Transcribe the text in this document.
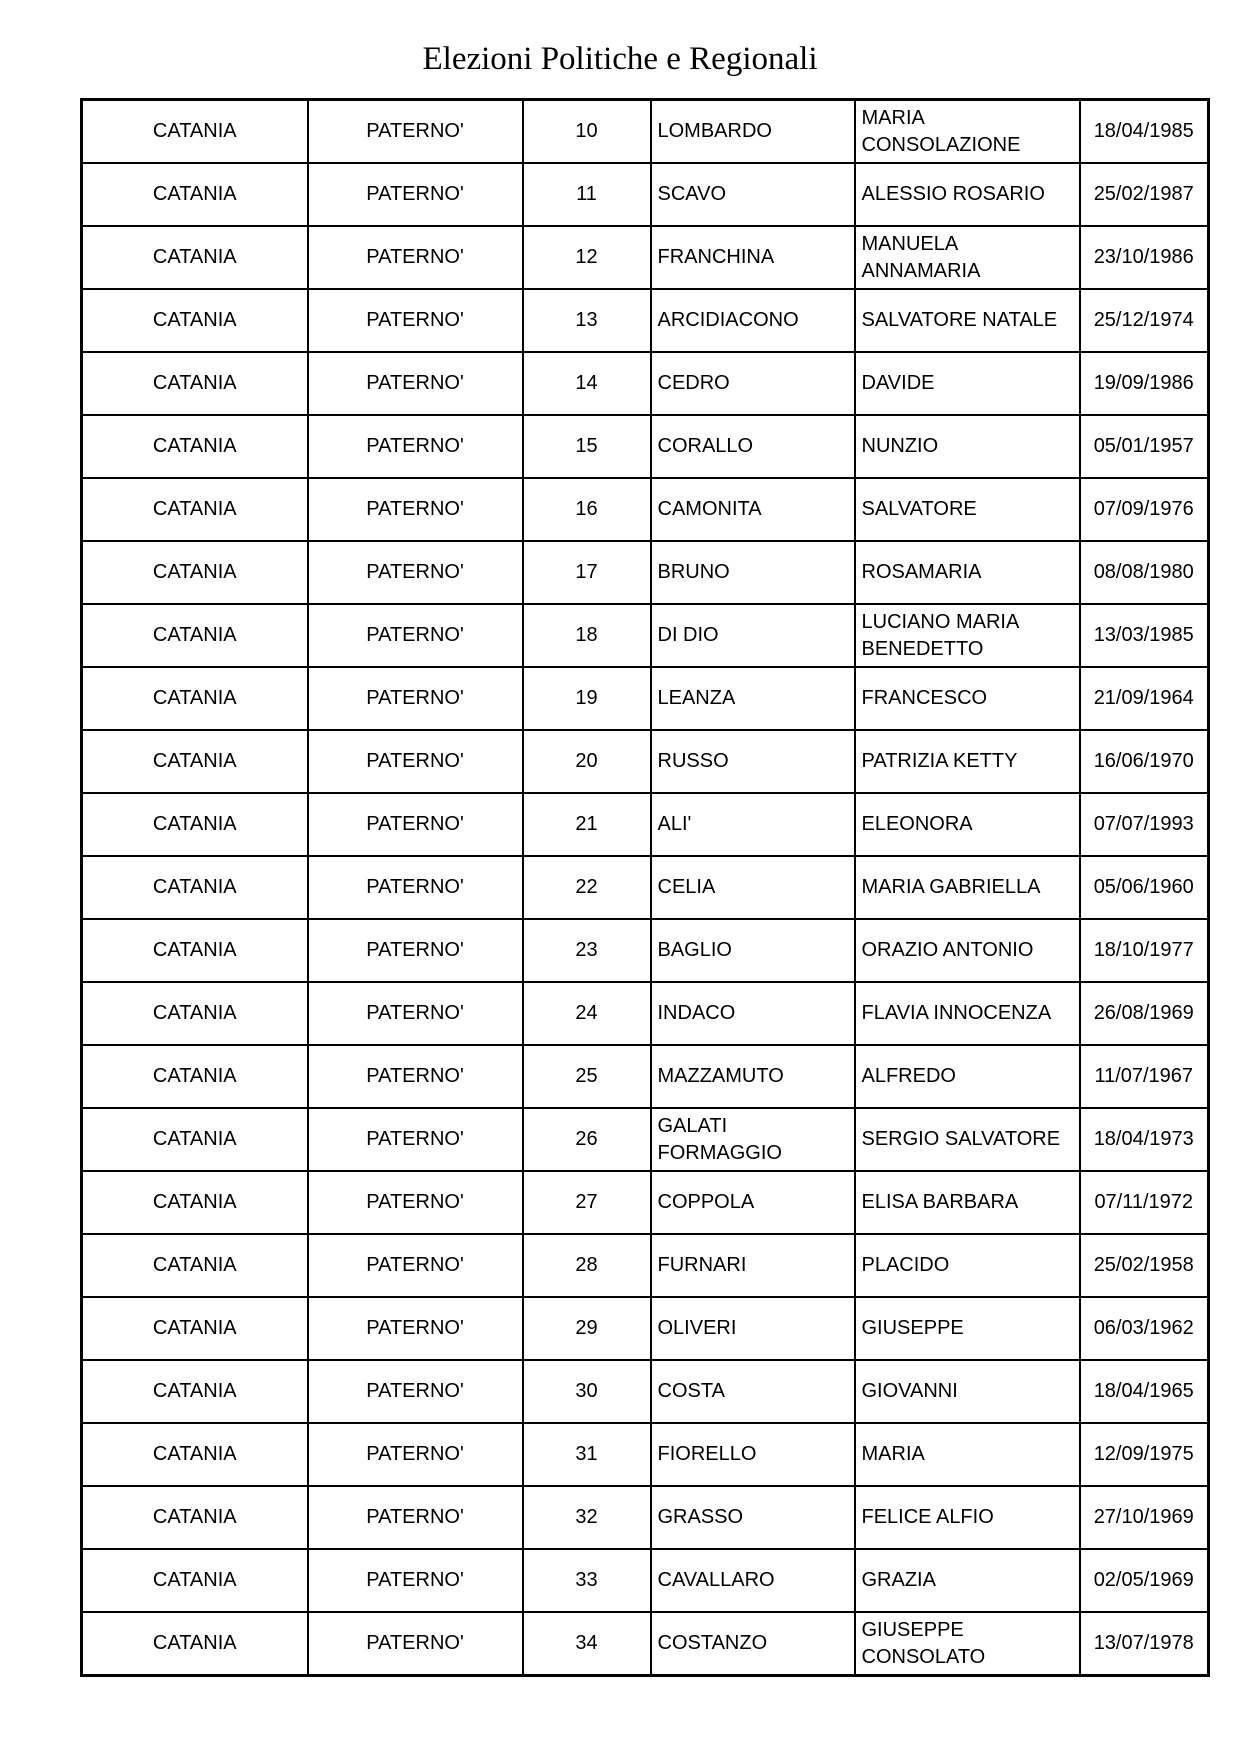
Elezioni Politiche e Regionali
CATANIA	PATERNO'	10	LOMBARDO	MARIA CONSOLAZIONE	18/04/1985
CATANIA	PATERNO'	11	SCAVO	ALESSIO ROSARIO	25/02/1987
CATANIA	PATERNO'	12	FRANCHINA	MANUELA ANNAMARIA	23/10/1986
CATANIA	PATERNO'	13	ARCIDIACONO	SALVATORE NATALE	25/12/1974
CATANIA	PATERNO'	14	CEDRO	DAVIDE	19/09/1986
CATANIA	PATERNO'	15	CORALLO	NUNZIO	05/01/1957
CATANIA	PATERNO'	16	CAMONITA	SALVATORE	07/09/1976
CATANIA	PATERNO'	17	BRUNO	ROSAMARIA	08/08/1980
CATANIA	PATERNO'	18	DI DIO	LUCIANO MARIA BENEDETTO	13/03/1985
CATANIA	PATERNO'	19	LEANZA	FRANCESCO	21/09/1964
CATANIA	PATERNO'	20	RUSSO	PATRIZIA KETTY	16/06/1970
CATANIA	PATERNO'	21	ALI'	ELEONORA	07/07/1993
CATANIA	PATERNO'	22	CELIA	MARIA GABRIELLA	05/06/1960
CATANIA	PATERNO'	23	BAGLIO	ORAZIO ANTONIO	18/10/1977
CATANIA	PATERNO'	24	INDACO	FLAVIA INNOCENZA	26/08/1969
CATANIA	PATERNO'	25	MAZZAMUTO	ALFREDO	11/07/1967
CATANIA	PATERNO'	26	GALATI FORMAGGIO	SERGIO SALVATORE	18/04/1973
CATANIA	PATERNO'	27	COPPOLA	ELISA BARBARA	07/11/1972
CATANIA	PATERNO'	28	FURNARI	PLACIDO	25/02/1958
CATANIA	PATERNO'	29	OLIVERI	GIUSEPPE	06/03/1962
CATANIA	PATERNO'	30	COSTA	GIOVANNI	18/04/1965
CATANIA	PATERNO'	31	FIORELLO	MARIA	12/09/1975
CATANIA	PATERNO'	32	GRASSO	FELICE ALFIO	27/10/1969
CATANIA	PATERNO'	33	CAVALLARO	GRAZIA	02/05/1969
CATANIA	PATERNO'	34	COSTANZO	GIUSEPPE CONSOLATO	13/07/1978
